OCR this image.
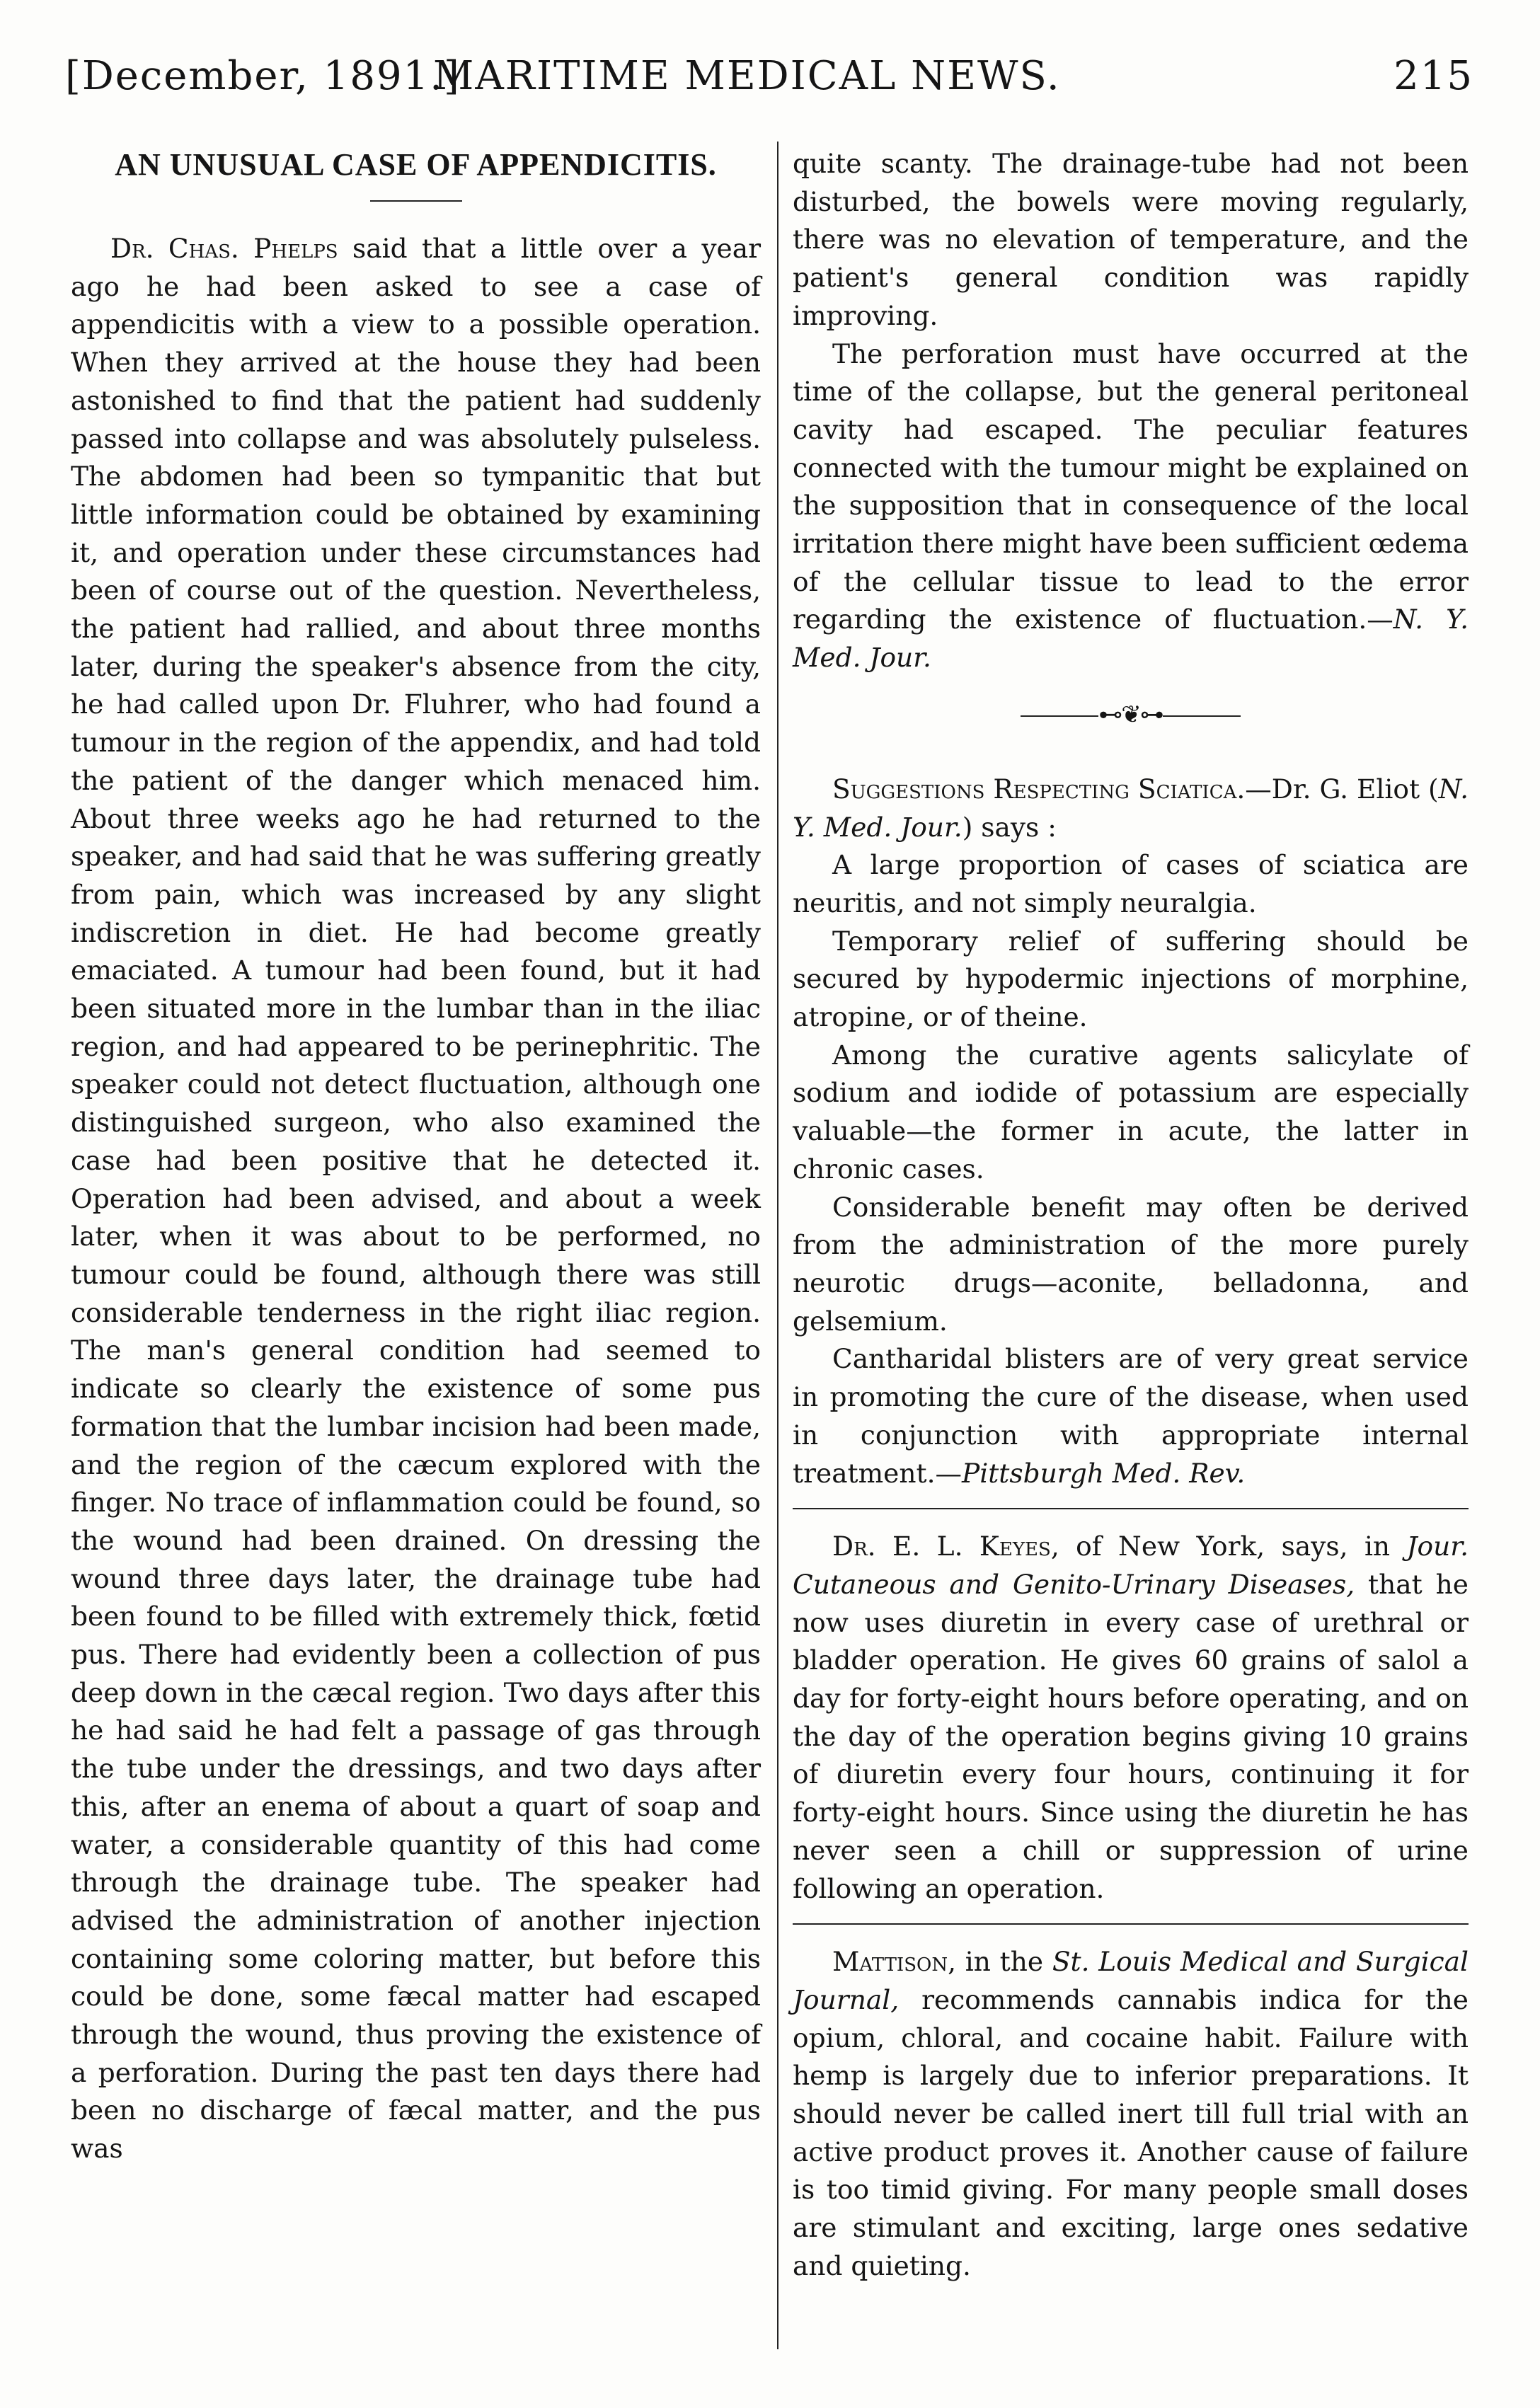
[December, 1891.]
MARITIME MEDICAL NEWS.	215
AN UNUSUAL CASE OF APPENDICITIS.

Dr. Chas. Phelps said that a little over a year ago he had been asked to see a case of appendicitis with a view to a possible operation. When they arrived at the house they had been astonished to find that the patient had suddenly passed into collapse and was absolutely pulseless. The abdomen had been so tympanitic that but little information could be obtained by examining it, and operation under these circumstances had been of course out of the question. Nevertheless, the patient had rallied, and about three months later, during the speaker's absence from the city, he had called upon Dr. Fluhrer, who had found a tumour in the region of the appendix, and had told the patient of the danger which menaced him. About three weeks ago he had returned to the speaker, and had said that he was suffering greatly from pain, which was increased by any slight indiscretion in diet. He had become greatly emaciated. A tumour had been found, but it had been situated more in the lumbar than in the iliac region, and had appeared to be perinephritic. The speaker could not detect fluctuation, although one distinguished surgeon, who also examined the case had been positive that he detected it. Operation had been advised, and about a week later, when it was about to be performed, no tumour could be found, although there was still considerable tenderness in the right iliac region. The man's general condition had seemed to indicate so clearly the existence of some pus formation that the lumbar incision had been made, and the region of the cæcum explored with the finger. No trace of inflammation could be found, so the wound had been drained. On dressing the wound three days later, the drainage tube had been found to be filled with extremely thick, fœtid pus. There had evidently been a collection of pus deep down in the cæcal region. Two days after this he had said he had felt a passage of gas through the tube under the dressings, and two days after this, after an enema of about a quart of soap and water, a considerable quantity of this had come through the drainage tube. The speaker had advised the administration of another injection containing some coloring matter, but before this could be done, some fæcal matter had escaped through the wound, thus proving the existence of a perforation. During the past ten days there had been no discharge of fæcal matter, and the pus was

quite scanty. The drainage-tube had not been disturbed, the bowels were moving regularly, there was no elevation of temperature, and the patient's general condition was rapidly improving.

The perforation must have occurred at the time of the collapse, but the general peritoneal cavity had escaped. The peculiar features connected with the tumour might be explained on the supposition that in consequence of the local irritation there might have been sufficient œdema of the cellular tissue to lead to the error regarding the existence of fluctuation.—N. Y. Med. Jour.

⊷❦⊶

Suggestions Respecting Sciatica.—Dr. G. Eliot (N. Y. Med. Jour.) says :

A large proportion of cases of sciatica are neuritis, and not simply neuralgia.

Temporary relief of suffering should be secured by hypodermic injections of morphine, atropine, or of theine.

Among the curative agents salicylate of sodium and iodide of potassium are especially valuable—the former in acute, the latter in chronic cases.

Considerable benefit may often be derived from the administration of the more purely neurotic drugs—aconite, belladonna, and gelsemium.

Cantharidal blisters are of very great service in promoting the cure of the disease, when used in conjunction with appropriate internal treatment.—Pittsburgh Med. Rev.

Dr. E. L. Keyes, of New York, says, in Jour. Cutaneous and Genito-Urinary Diseases, that he now uses diuretin in every case of urethral or bladder operation. He gives 60 grains of salol a day for forty-eight hours before operating, and on the day of the operation begins giving 10 grains of diuretin every four hours, continuing it for forty-eight hours. Since using the diuretin he has never seen a chill or suppression of urine following an operation.

Mattison, in the St. Louis Medical and Surgical Journal, recommends cannabis indica for the opium, chloral, and cocaine habit. Failure with hemp is largely due to inferior preparations. It should never be called inert till full trial with an active product proves it. Another cause of failure is too timid giving. For many people small doses are stimulant and exciting, large ones sedative and quieting.
